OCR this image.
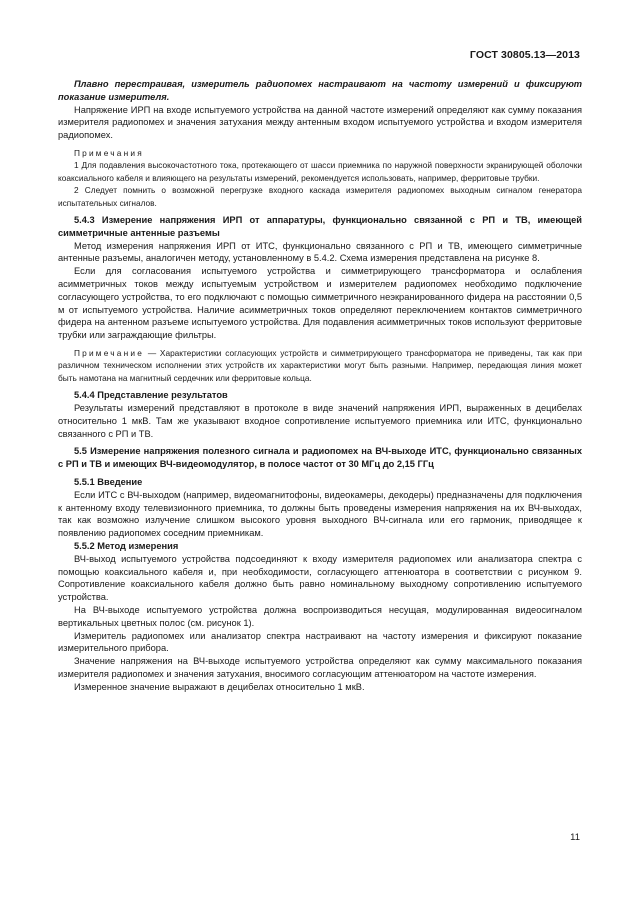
ГОСТ 30805.13—2013

Плавно перестраивая, измеритель радиопомех настраивают на частоту измерений и фиксируют показание измерителя.

Напряжение ИРП на входе испытуемого устройства на данной частоте измерений определяют как сумму показания измерителя радиопомех и значения затухания между антенным входом испытуемого устройства и входом измерителя радиопомех.

Примечания

1 Для подавления высокочастотного тока, протекающего от шасси приемника по наружной поверхности экранирующей оболочки коаксиального кабеля и влияющего на результаты измерений, рекомендуется использовать, например, ферритовые трубки.

2 Следует помнить о возможной перегрузке входного каскада измерителя радиопомех выходным сигналом генератора испытательных сигналов.

5.4.3 Измерение напряжения ИРП от аппаратуры, функционально связанной с РП и ТВ, имеющей симметричные антенные разъемы

Метод измерения напряжения ИРП от ИТС, функционально связанного с РП и ТВ, имеющего симметричные антенные разъемы, аналогичен методу, установленному в 5.4.2. Схема измерения представлена на рисунке 8.

Если для согласования испытуемого устройства и симметрирующего трансформатора и ослабления асимметричных токов между испытуемым устройством и измерителем радиопомех необходимо подключение согласующего устройства, то его подключают с помощью симметричного неэкранированного фидера на расстоянии 0,5 м от испытуемого устройства. Наличие асимметричных токов определяют переключением контактов симметричного фидера на антенном разъеме испытуемого устройства. Для подавления асимметричных токов используют ферритовые трубки или заграждающие фильтры.

Примечание — Характеристики согласующих устройств и симметрирующего трансформатора не приведены, так как при различном техническом исполнении этих устройств их характеристики могут быть разными. Например, передающая линия может быть намотана на магнитный сердечник или ферритовые кольца.

5.4.4 Представление результатов

Результаты измерений представляют в протоколе в виде значений напряжения ИРП, выраженных в децибелах относительно 1 мкВ. Там же указывают входное сопротивление испытуемого приемника или ИТС, функционально связанного с РП и ТВ.

5.5 Измерение напряжения полезного сигнала и радиопомех на ВЧ-выходе ИТС, функционально связанных с РП и ТВ и имеющих ВЧ-видеомодулятор, в полосе частот от 30 МГц до 2,15 ГГц

5.5.1 Введение

Если ИТС с ВЧ-выходом (например, видеомагнитофоны, видеокамеры, декодеры) предназначены для подключения к антенному входу телевизионного приемника, то должны быть проведены измерения напряжения на их ВЧ-выходах, так как возможно излучение слишком высокого уровня выходного ВЧ-сигнала или его гармоник, приводящее к появлению радиопомех соседним приемникам.

5.5.2 Метод измерения

ВЧ-выход испытуемого устройства подсоединяют к входу измерителя радиопомех или анализатора спектра с помощью коаксиального кабеля и, при необходимости, согласующего аттенюатора в соответствии с рисунком 9. Сопротивление коаксиального кабеля должно быть равно номинальному выходному сопротивлению испытуемого устройства.

На ВЧ-выходе испытуемого устройства должна воспроизводиться несущая, модулированная видеосигналом вертикальных цветных полос (см. рисунок 1).

Измеритель радиопомех или анализатор спектра настраивают на частоту измерения и фиксируют показание измерительного прибора.

Значение напряжения на ВЧ-выходе испытуемого устройства определяют как сумму максимального показания измерителя радиопомех и значения затухания, вносимого согласующим аттенюатором на частоте измерения.

Измеренное значение выражают в децибелах относительно 1 мкВ.

11
